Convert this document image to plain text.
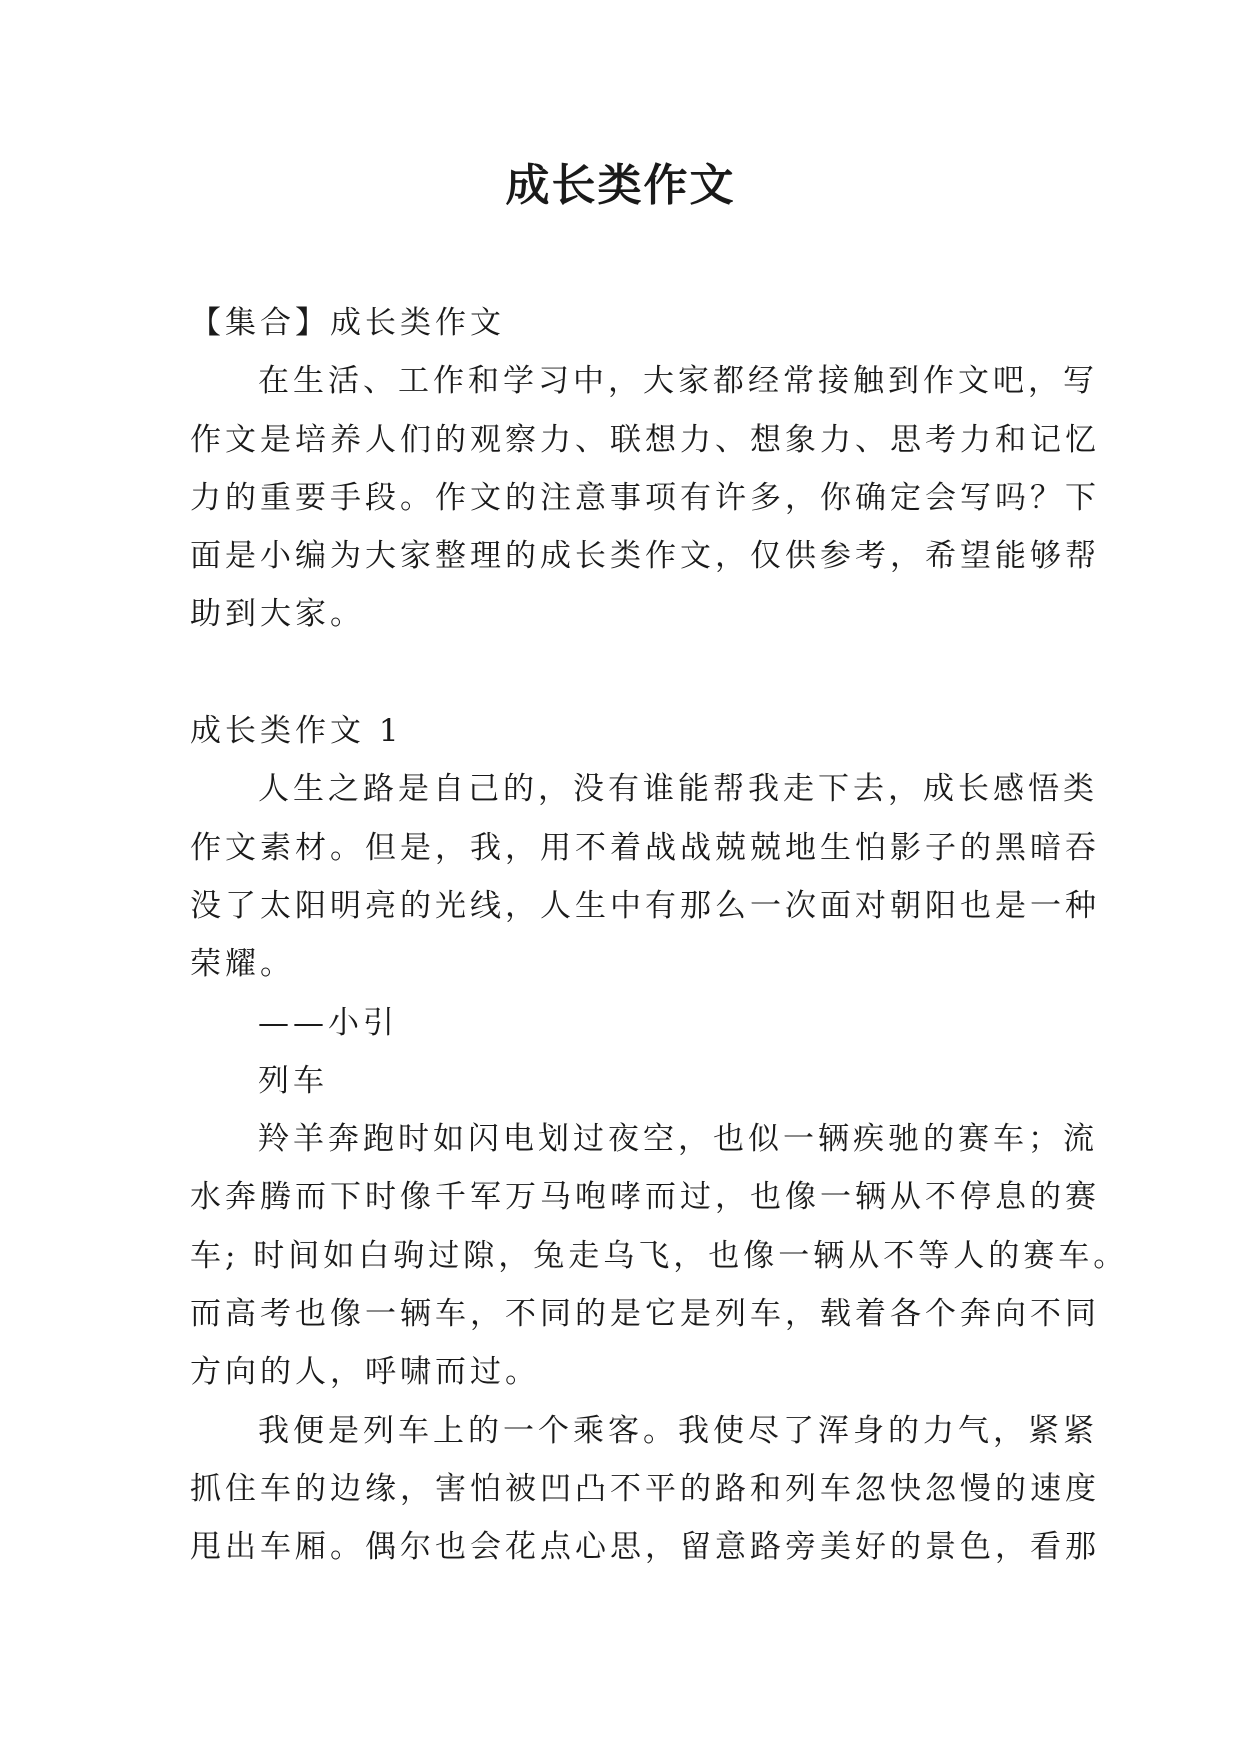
成长类作文
【集合】成长类作文
在生活、工作和学习中，大家都经常接触到作文吧，写
作文是培养人们的观察力、联想力、想象力、思考力和记忆
力的重要手段。作文的注意事项有许多，你确定会写吗？下
面是小编为大家整理的成长类作文，仅供参考，希望能够帮
助到大家。
成长类作文 1
人生之路是自己的，没有谁能帮我走下去，成长感悟类
作文素材。但是，我，用不着战战兢兢地生怕影子的黑暗吞
没了太阳明亮的光线，人生中有那么一次面对朝阳也是一种
荣耀。
——小引
列车
羚羊奔跑时如闪电划过夜空，也似一辆疾驰的赛车；流
水奔腾而下时像千军万马咆哮而过，也像一辆从不停息的赛
车; 时间如白驹过隙，兔走乌飞，也像一辆从不等人的赛车。
而高考也像一辆车，不同的是它是列车，载着各个奔向不同
方向的人，呼啸而过。
我便是列车上的一个乘客。我使尽了浑身的力气，紧紧
抓住车的边缘，害怕被凹凸不平的路和列车忽快忽慢的速度
甩出车厢。偶尔也会花点心思，留意路旁美好的景色，看那
